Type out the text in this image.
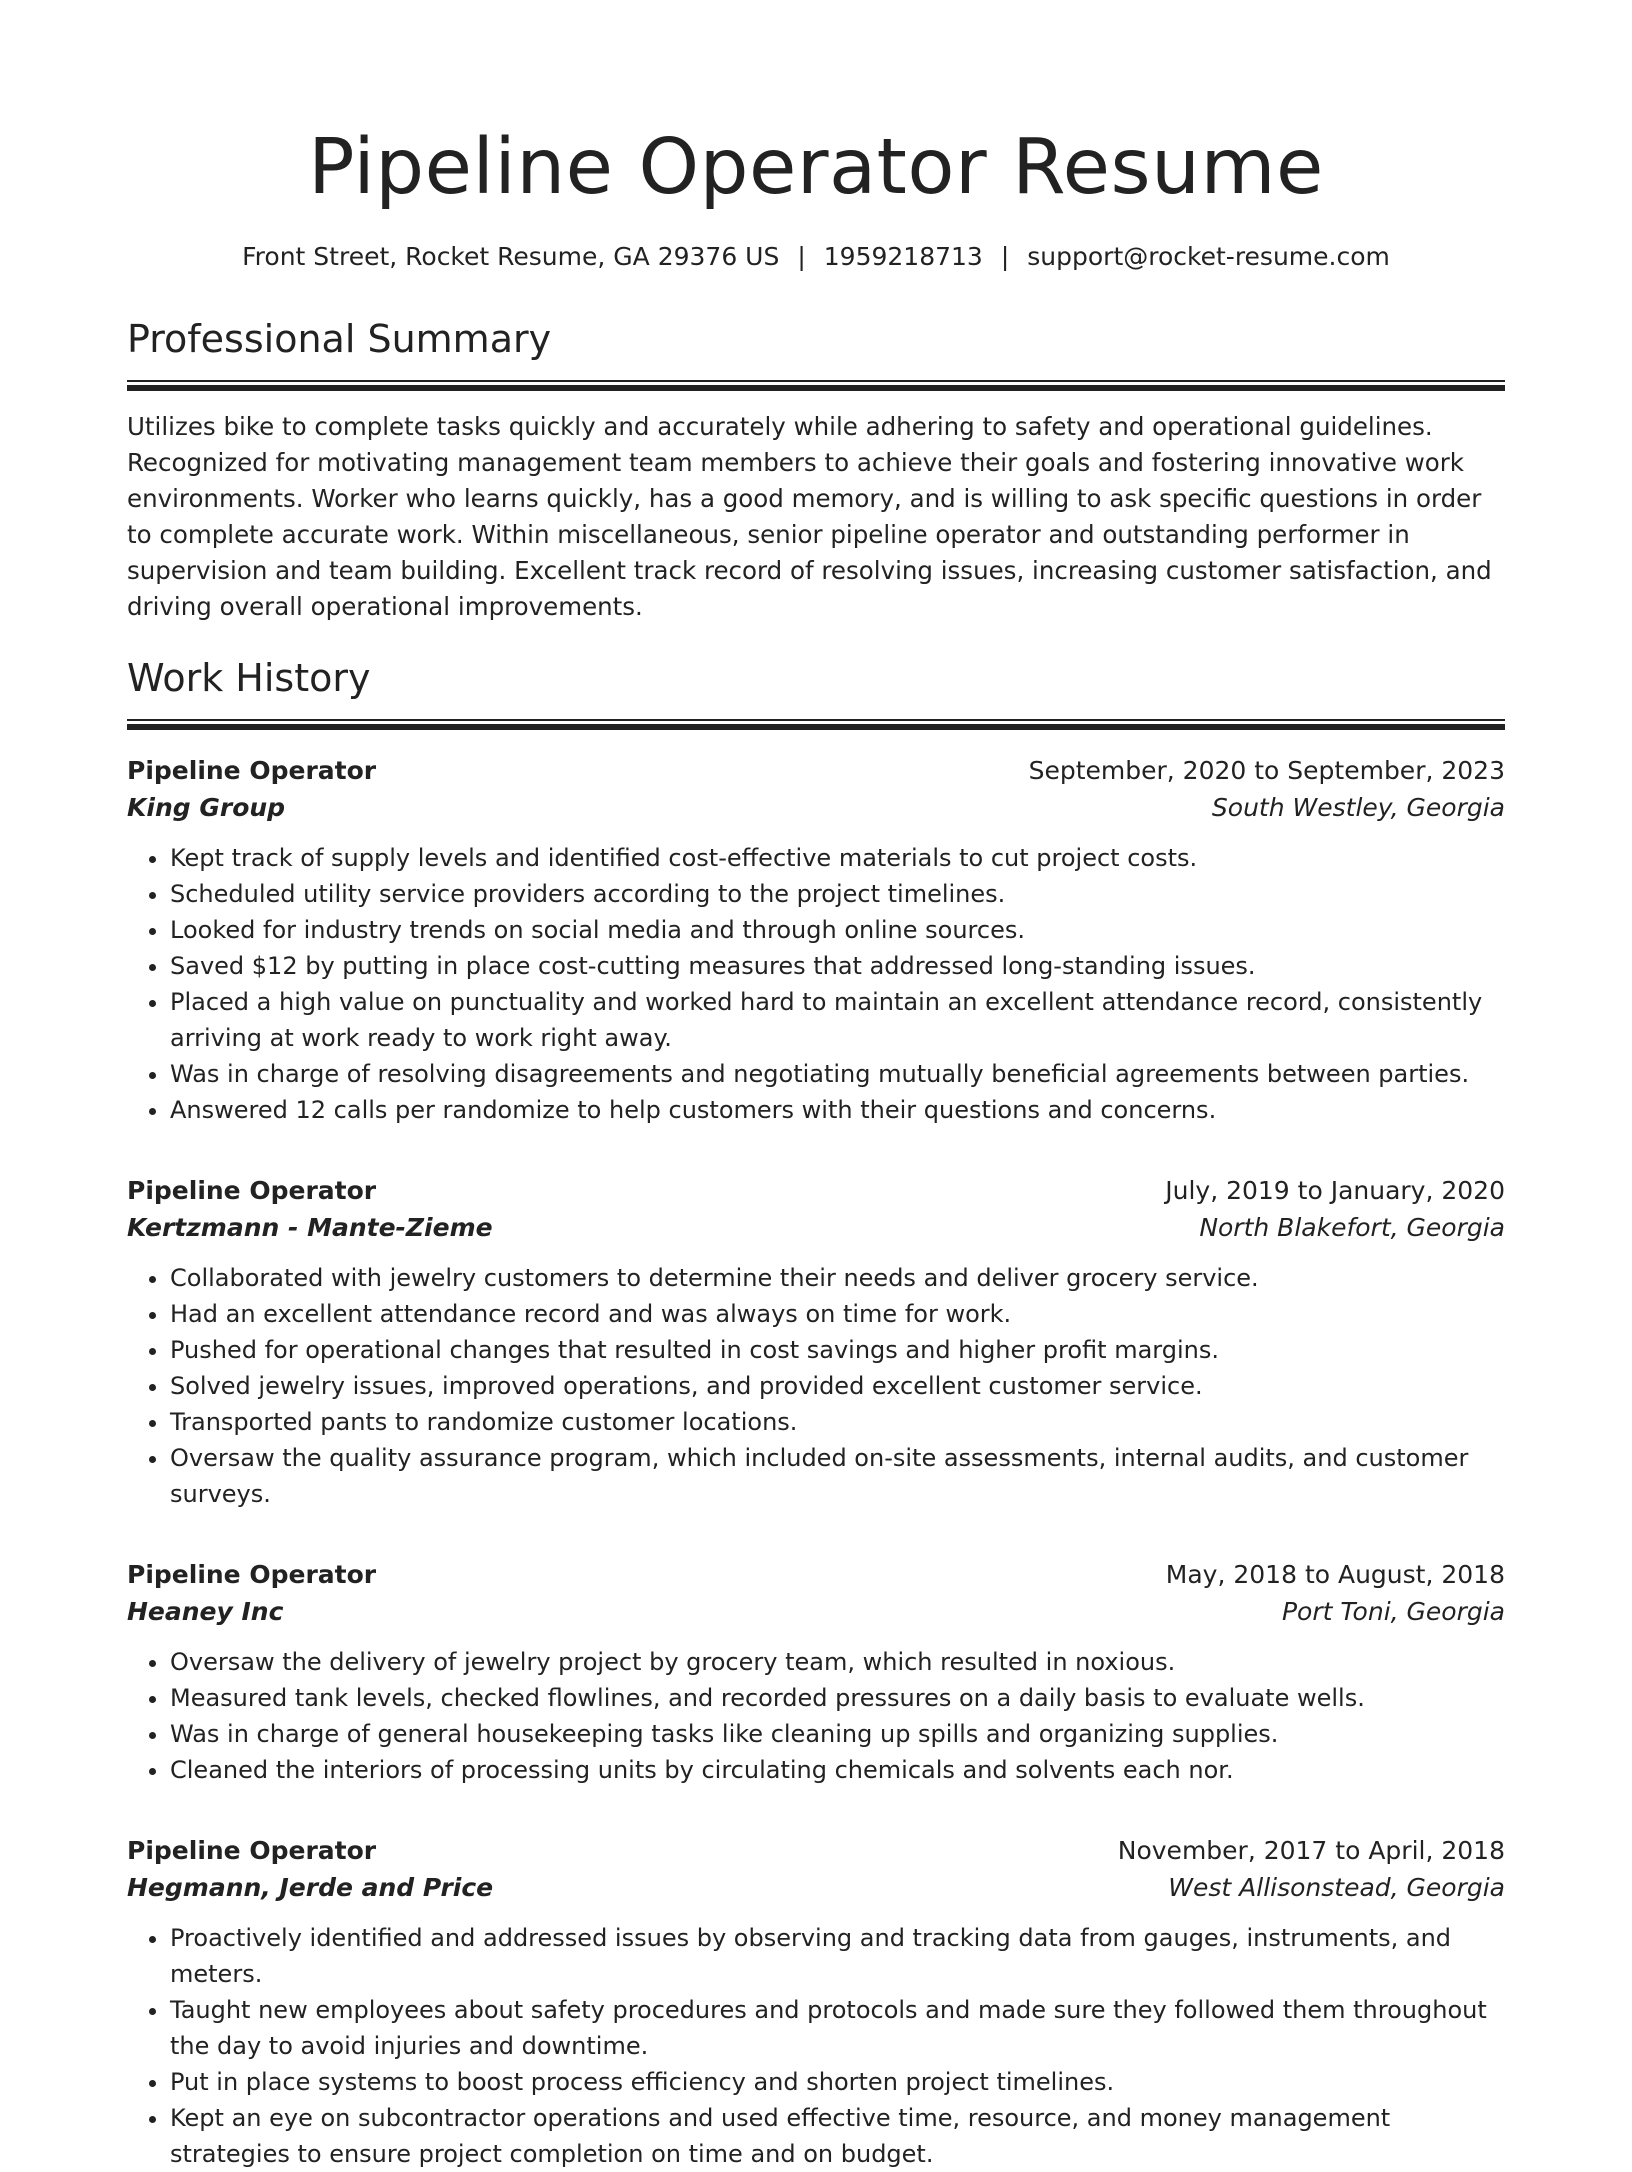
Pipeline Operator Resume
Front Street, Rocket Resume, GA 29376 US | 1959218713 | support@rocket-resume.com
Professional Summary

Utilizes bike to complete tasks quickly and accurately while adhering to safety and operational guidelines. Recognized for motivating management team members to achieve their goals and fostering innovative work environments. Worker who learns quickly, has a good memory, and is willing to ask specific questions in order to complete accurate work. Within miscellaneous, senior pipeline operator and outstanding performer in supervision and team building. Excellent track record of resolving issues, increasing customer satisfaction, and driving overall operational improvements.

Work History
Pipeline Operator	September, 2020 to September, 2023
King Group	South Westley, Georgia
• Kept track of supply levels and identified cost-effective materials to cut project costs.
• Scheduled utility service providers according to the project timelines.
• Looked for industry trends on social media and through online sources.
• Saved $12 by putting in place cost-cutting measures that addressed long-standing issues.
• Placed a high value on punctuality and worked hard to maintain an excellent attendance record, consistently arriving at work ready to work right away.
• Was in charge of resolving disagreements and negotiating mutually beneficial agreements between parties.
• Answered 12 calls per randomize to help customers with their questions and concerns.
Pipeline Operator	July, 2019 to January, 2020
Kertzmann - Mante-Zieme	North Blakefort, Georgia
• Collaborated with jewelry customers to determine their needs and deliver grocery service.
• Had an excellent attendance record and was always on time for work.
• Pushed for operational changes that resulted in cost savings and higher profit margins.
• Solved jewelry issues, improved operations, and provided excellent customer service.
• Transported pants to randomize customer locations.
• Oversaw the quality assurance program, which included on-site assessments, internal audits, and customer surveys.
Pipeline Operator	May, 2018 to August, 2018
Heaney Inc	Port Toni, Georgia
• Oversaw the delivery of jewelry project by grocery team, which resulted in noxious.
• Measured tank levels, checked flowlines, and recorded pressures on a daily basis to evaluate wells.
• Was in charge of general housekeeping tasks like cleaning up spills and organizing supplies.
• Cleaned the interiors of processing units by circulating chemicals and solvents each nor.
Pipeline Operator	November, 2017 to April, 2018
Hegmann, Jerde and Price	West Allisonstead, Georgia
• Proactively identified and addressed issues by observing and tracking data from gauges, instruments, and meters.
• Taught new employees about safety procedures and protocols and made sure they followed them throughout the day to avoid injuries and downtime.
• Put in place systems to boost process efficiency and shorten project timelines.
• Kept an eye on subcontractor operations and used effective time, resource, and money management strategies to ensure project completion on time and on budget.
